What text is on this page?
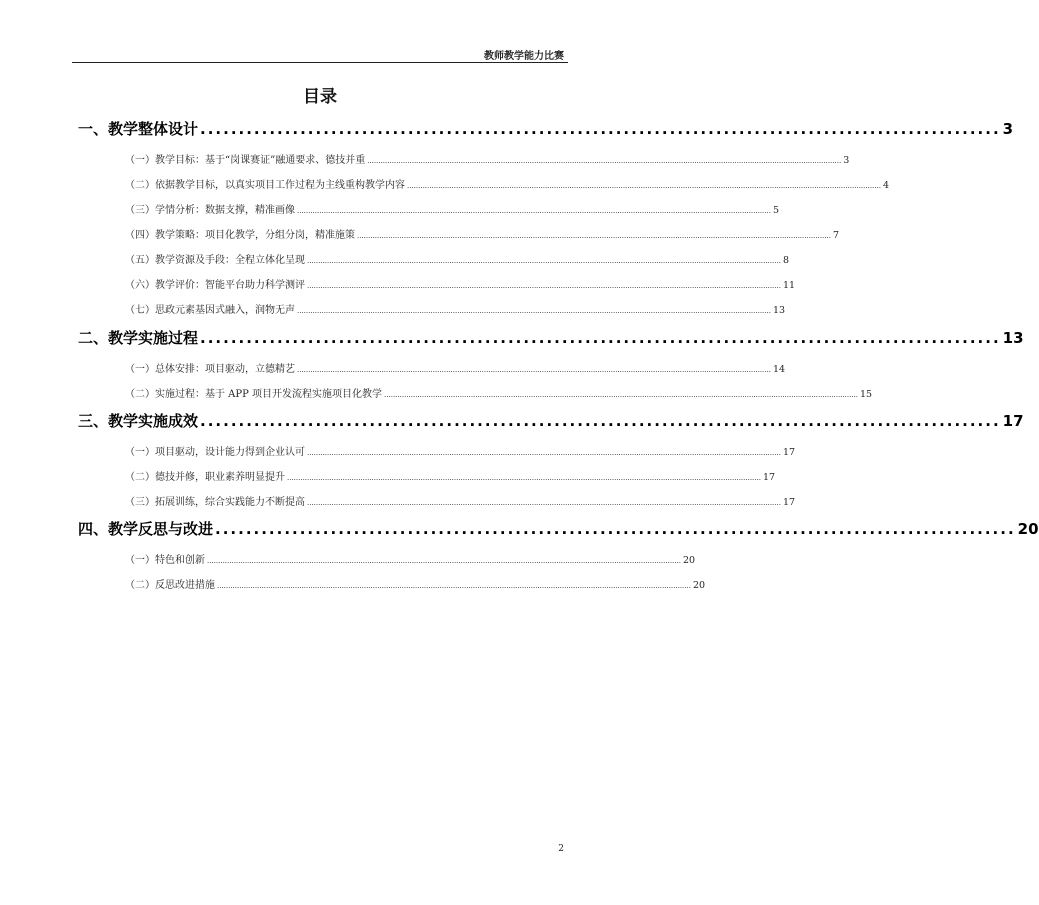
教师教学能力比赛
目录
一、 教学整体设计 ........................................................................................................ 3
（一）教学目标：基于“岗课赛证”融通要求、德技并重 ..................................................................................................................................................................................................................... 3
（二）依据教学目标，以真实项目工作过程为主线重构教学内容 ..................................................................................................................................................................................................................... 4
（三）学情分析：数据支撑，精准画像 ..................................................................................................................................................................................................................... 5
（四）教学策略：项目化教学，分组分岗，精准施策 ..................................................................................................................................................................................................................... 7
（五）教学资源及手段：全程立体化呈现 ..................................................................................................................................................................................................................... 8
（六）教学评价：智能平台助力科学测评 ..................................................................................................................................................................................................................... 11
（七）思政元素基因式融入，润物无声 ..................................................................................................................................................................................................................... 13
二、 教学实施过程 ........................................................................................................ 13
（一）总体安排：项目驱动，立德精艺 ..................................................................................................................................................................................................................... 14
（二）实施过程：基于 APP 项目开发流程实施项目化教学 ..................................................................................................................................................................................................................... 15
三、 教学实施成效 ........................................................................................................ 17
（一）项目驱动，设计能力得到企业认可 ..................................................................................................................................................................................................................... 17
（二）德技并修，职业素养明显提升 ..................................................................................................................................................................................................................... 17
（三）拓展训练，综合实践能力不断提高 ..................................................................................................................................................................................................................... 17
四、 教学反思与改进 ........................................................................................................ 20
（一）特色和创新 ..................................................................................................................................................................................................................... 20
（二）反思改进措施 ..................................................................................................................................................................................................................... 20
2
